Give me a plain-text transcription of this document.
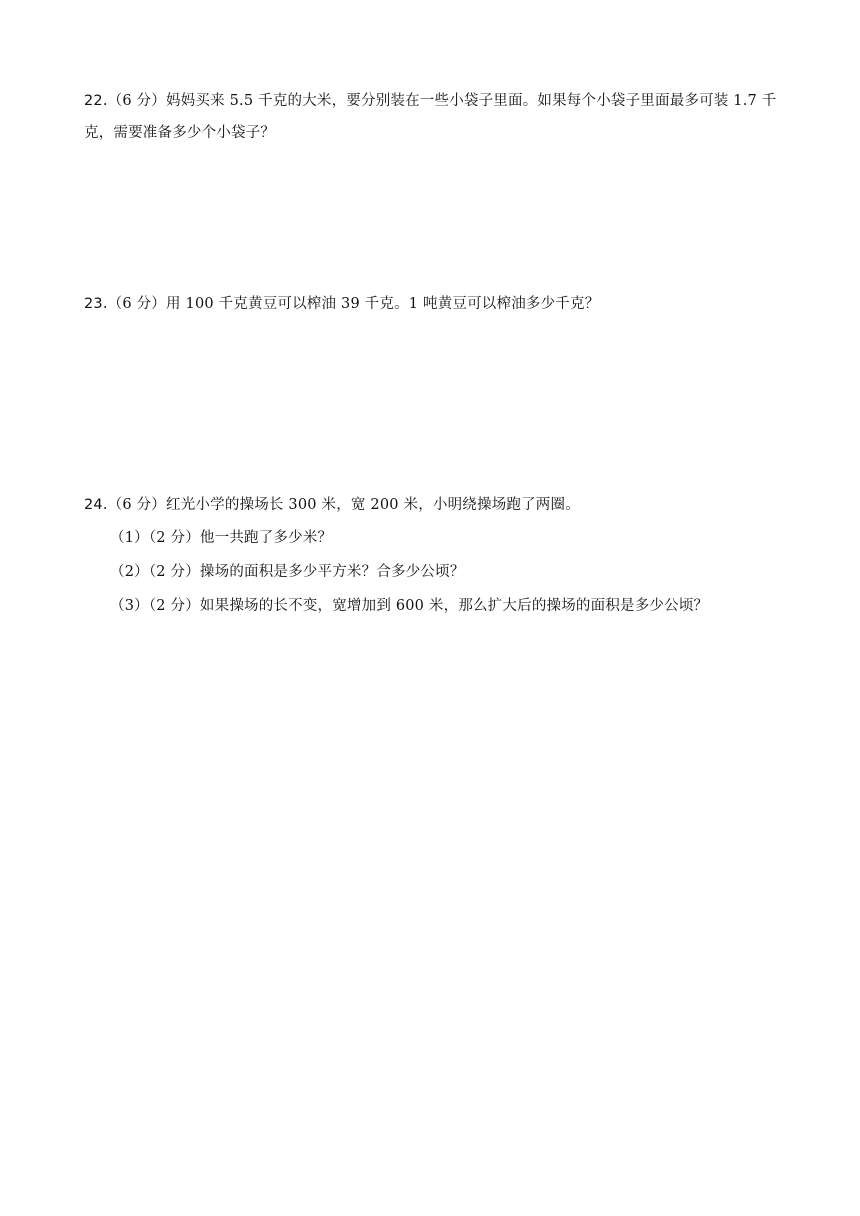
22.（6 分）妈妈买来 5.5 千克的大米，要分别装在一些小袋子里面。如果每个小袋子里面最多可装 1.7 千
克，需要准备多少个小袋子？
23.（6 分）用 100 千克黄豆可以榨油 39 千克。1 吨黄豆可以榨油多少千克？
24.（6 分）红光小学的操场长 300 米，宽 200 米，小明绕操场跑了两圈。
（1）（2 分）他一共跑了多少米？
（2）（2 分）操场的面积是多少平方米？合多少公顷？
（3）（2 分）如果操场的长不变，宽增加到 600 米，那么扩大后的操场的面积是多少公顷？
